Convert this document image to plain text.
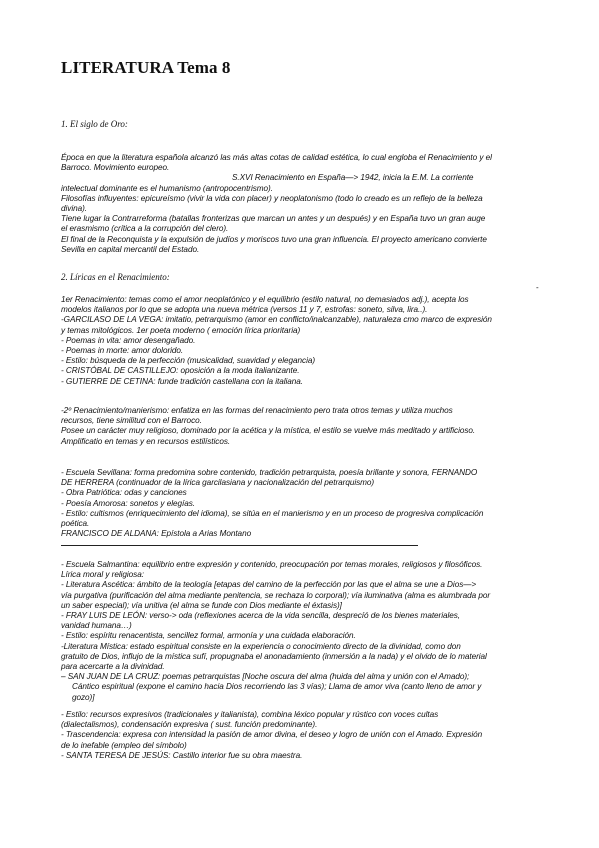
LITERATURA Tema 8

1. El siglo de Oro:

Época en que la literatura española alcanzó las más altas cotas de calidad estética, lo cual engloba el Renacimiento y el
Barroco. Movimiento europeo.
S.XVI Renacimiento en España—> 1942, inicia la E.M. La corriente
intelectual dominante es el humanismo (antropocentrismo).
Filosofías influyentes: epicureísmo (vivir la vida con placer) y neoplatonismo (todo lo creado es un reflejo de la belleza
divina).
Tiene lugar la Contrarreforma (batallas fronterizas que marcan un antes y un después) y en España tuvo un gran auge
el erasmismo (crítica a la corrupción del clero).
El final de la Reconquista y la expulsión de judíos y moriscos tuvo una gran influencia. El proyecto americano convierte
Sevilla en capital mercantil del Estado.

2. Líricas en el Renacimiento:

-
1er Renacimiento: temas como el amor neoplatónico y el equilibrio (estilo natural, no demasiados adj.), acepta los
modelos italianos por lo que se adopta una nueva métrica (versos 11 y 7, estrofas: soneto, silva, lira..).
-GARCILASO DE LA VEGA: imitatio, petrarquismo (amor en conflicto/inalcanzable), naturaleza cmo marco de expresión
y temas mitológicos. 1er poeta moderno ( emoción lírica prioritaria)
- Poemas in vita: amor desengañado.
- Poemas in morte: amor dolorido.
- Estilo: búsqueda de la perfección (musicalidad, suavidad y elegancia)
- CRISTÓBAL DE CASTILLEJO: oposición a la moda italianizante.
- GUTIERRE DE CETINA: funde tradición castellana con la italiana.
-2º Renacimiento/manierismo: enfatiza en las formas del renacimiento pero trata otros temas y utiliza muchos
recursos, tiene similitud con el Barroco.
Posee un carácter muy religioso, dominado por la acética y la mística, el estilo se vuelve más meditado y artificioso.
Amplificatio en temas y en recursos estilísticos.
- Escuela Sevillana: forma predomina sobre contenido, tradición petrarquista, poesía brillante y sonora, FERNANDO
DE HERRERA (continuador de la lírica garcilasiana y nacionalización del petrarquismo)
- Obra Patriótica: odas y canciones
- Poesía Amorosa: sonetos y elegías.
- Estilo: cultismos (enriquecimiento del idioma), se sitúa en el manierismo y en un proceso de progresiva complicación
poética.
FRANCISCO DE ALDANA: Epístola a Arias Montano
- Escuela Salmantina: equilibrio entre expresión y contenido, preocupación por temas morales, religiosos y filosóficos.
Lírica moral y religiosa:
- Literatura Ascética: ámbito de la teología [etapas del camino de la perfección por las que el alma se une a Dios—>
vía purgativa (purificación del alma mediante penitencia, se rechaza lo corporal); vía iluminativa (alma es alumbrada por
un saber especial); vía unitiva (el alma se funde con Dios mediante el éxtasis)]
- FRAY LUIS DE LEÓN: verso-> oda (reflexiones acerca de la vida sencilla, desprecíó de los bienes materiales,
vanidad humana…)
- Estilo: espíritu renacentista, sencillez formal, armonía y una cuidada elaboración.
-Literatura Mística: estado espiritual consiste en la experiencia o conocimiento directo de la divinidad, como don
gratuito de Dios, influjo de la mística sufí, propugnaba el anonadamiento (inmersión a la nada) y el olvido de lo material
para acercarte a la divinidad.
– SAN JUAN DE LA CRUZ: poemas petrarquistas [Noche oscura del alma (huida del alma y unión con el Amado);
Cántico espiritual (expone el camino hacia Dios recorriendo las 3 vías); Llama de amor viva (canto lleno de amor y
gozo)]
- Estilo: recursos expresivos (tradicionales y italianista), combina léxico popular y rústico con voces cultas
(dialectalismos), condensación expresiva ( sust. función predominante).
- Trascendencia: expresa con intensidad la pasión de amor divina, el deseo y logro de unión con el Amado. Expresión
de lo inefable (empleo del símbolo)
- SANTA TERESA DE JESÚS: Castillo interior fue su obra maestra.
